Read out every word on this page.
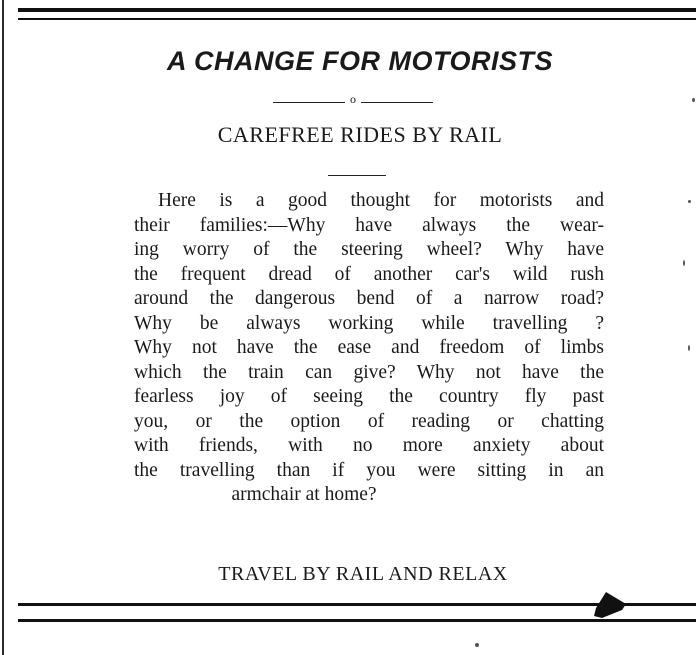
A CHANGE FOR MOTORISTS
o
CAREFREE RIDES BY RAIL
Here is a good thought for motorists and
their families:—Why have always the wear-
ing worry of the steering wheel? Why have
the frequent dread of another car's wild rush
around the dangerous bend of a narrow road?
Why be always working while travelling ?
Why not have the ease and freedom of limbs
which the train can give? Why not have the
fearless joy of seeing the country fly past
you, or the option of reading or chatting
with friends, with no more anxiety about
the travelling than if you were sitting in an
armchair at home?
TRAVEL BY RAIL AND RELAX
